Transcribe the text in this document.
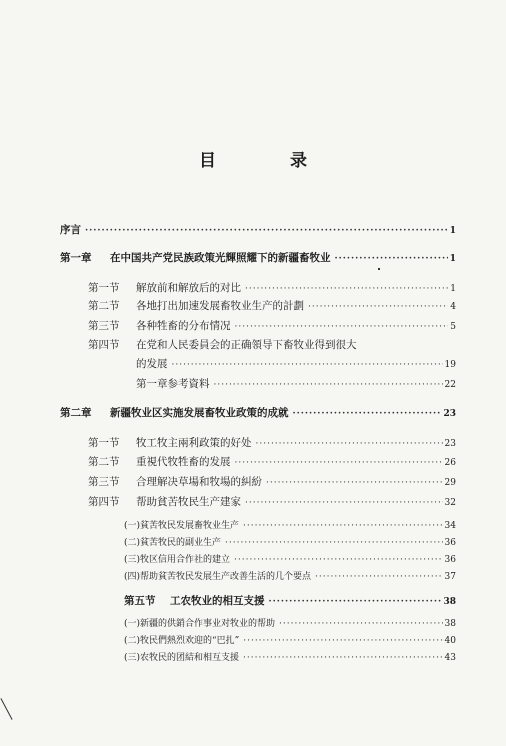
目 录
序言 ·····	1
第一章	在中国共产党民族政策光輝照耀下的新疆畜牧业 ·····	1
第一节	解放前和解放后的对比 ·····	1
第二节	各地打出加速发展畜牧业生产的計劃 ·····	4
第三节	各种牲畜的分布情况 ·····	5
第四节	在党和人民委員会的正确領导下畜牧业得到很大
的发展 ·····	19
第一章参考資料 ·····	22
第二章	新疆牧业区实施发展畜牧业政策的成就 ·····	23
第一节	牧工牧主兩利政策的好处 ·····	23
第二节	重視代牧牲畜的发展 ·····	26
第三节	合理解决草場和牧場的糾紛 ·····	29
第四节	帮助貧苦牧民生产建家 ·····	32
(一)貧苦牧民发展畜牧业生产 ·····	34
(二)貧苦牧民的副业生产 ·····	36
(三)牧区信用合作社的建立 ·····	36
(四)帮助貧苦牧民发展生产改善生活的几个要点 ·····	37
第五节	工农牧业的相互支援 ·····	38
(一)新疆的供銷合作事业对牧业的帮助 ·····	38
(二)牧民們熱烈欢迎的“巴扎” ·····	40
(三)农牧民的团結和相互支援 ·····	43
